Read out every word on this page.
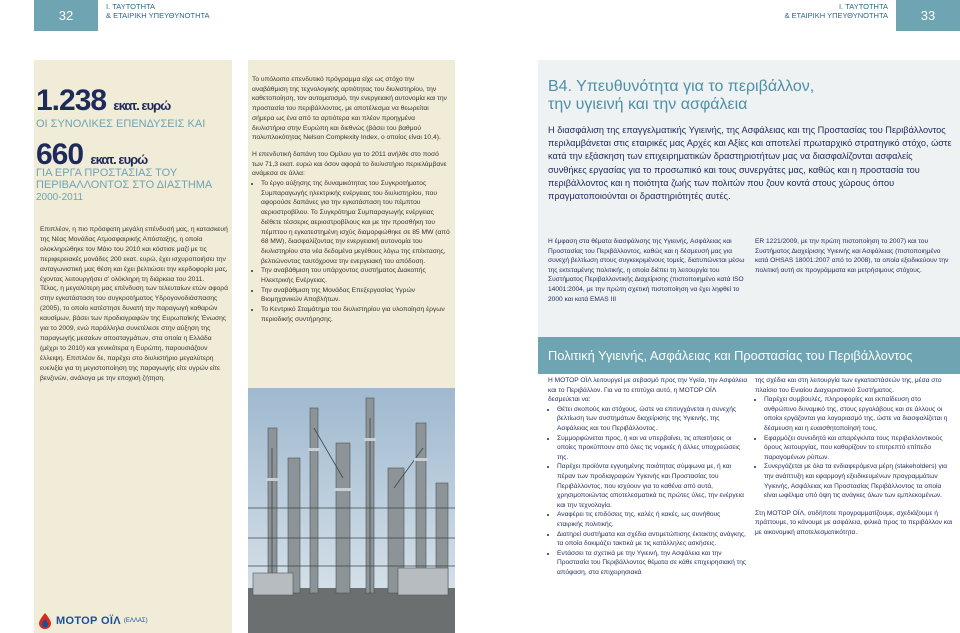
32
I. ΤΑΥΤΟΤΗΤΑ
& ΕΤΑΙΡΙΚΗ ΥΠΕΥΘΥΝΟΤΗΤΑ
I. ΤΑΥΤΟΤΗΤΑ
& ΕΤΑΙΡΙΚΗ ΥΠΕΥΘΥΝΟΤΗΤΑ	33
1.238 εκατ. ευρώ
ΟΙ ΣΥΝΟΛΙΚΕΣ ΕΠΕΝΔΥΣΕΙΣ ΚΑΙ
660 εκατ. ευρώ
ΓΙΑ ΕΡΓΑ ΠΡΟΣΤΑΣΙΑΣ ΤΟΥ
ΠΕΡΙΒΑΛΛΟΝΤΟΣ ΣΤΟ ΔΙΑΣΤΗΜΑ
2000-2011
Επιπλέον, η πιο πρόσφατη μεγάλη επένδυσή μας, η κατασκευή της Νέας Μονάδας Ατμοσφαιρικής Απόσταξης, η οποία ολοκληρώθηκε τον Μάιο του 2010 και κόστισε μαζί με τις περιφερειακές μονάδες 200 εκατ. ευρώ, έχει ισχυροποιήσει την ανταγωνιστική μας θέση και έχει βελτιώσει την κερδοφορία μας, έχοντας λειτουργήσει σ' ολόκληρη τη διάρκεια του 2011.
Τέλος, η μεγαλύτερη μας επένδυση των τελευταίων ετών αφορά στην εγκατάσταση του συγκροτήματος Υδρογονοδιάσπασης (2005), το οποίο κατέστησε δυνατή την παραγωγή καθαρών καυσίμων, βάσει των προδιαγραφών της Ευρωπαϊκής Ένωσης για το 2009, ενώ παράλληλα συνετέλεσε στην αύξηση της παραγωγής μεσαίων αποσταγμάτων, στα οποία η Ελλάδα (μέχρι το 2010) και γενικότερα η Ευρώπη, παρουσιάζουν έλλειψη. Επιπλέον δε, παρέχει στο διυλιστήριο μεγαλύτερη ευελιξία για τη μεγιστοποίηση της παραγωγής είτε υγρών είτε βενζινών, ανάλογα με την εποχική ζήτηση.
Το υπόλοιπο επενδυτικό πρόγραμμα είχε ως στόχο την αναβάθμιση της τεχνολογικής αρτιότητας του διυλιστηρίου, την καθετοποίηση, τον αυτοματισμό, την ενεργειακή αυτονομία και την προστασία του περιβάλλοντος, με αποτέλεσμα να θεωρείται σήμερα ως ένα από τα αρτιότερα και πλέον προηγμένα διυλιστήρια στην Ευρώπη και διεθνώς (βάσει του βαθμού πολυπλοκότητας Nelson Complexity Index, ο οποίος είναι 10,4).
Η επενδυτική δαπάνη του Ομίλου για το 2011 ανήλθε στο ποσό των 71,3 εκατ. ευρώ και όσον αφορά το διυλιστήριο περιελάμβανε ανάμεσα σε άλλα:
• Το έργο αύξησης της δυναμικότητας του Συγκροτήματος Συμπαραγωγής ηλεκτρικής ενέργειας του διυλιστηρίου, που αφορούσε δαπάνες για την εγκατάσταση του πέμπτου αεριοστροβίλου. Το Συγκρότημα Συμπαραγωγής ενέργειας διέθετε τέσσερις αεριοστροβίλους και με την προσθήκη του πέμπτου η εγκατεστημένη ισχύς διαμορφώθηκε σε 85 MW (από 68 MW), διασφαλίζοντας την ενεργειακή αυτονομία του διυλιστηρίου στα νέα δεδομένα μεγέθους λόγω της επέκτασης, βελτιώνοντας ταυτόχρονα την ενεργειακή του απόδοση.
• Την αναβάθμιση του υπάρχοντος συστήματος Διακοπής Ηλεκτρικής Ενέργειας.
• Την αναβάθμιση της Μονάδας Επεξεργασίας Υγρών Βιομηχανικών Αποβλήτων.
• Το Κεντρικό Σταμάτημα του διυλιστηρίου για υλοποίηση έργων περιοδικής συντήρησης.
Β4. Υπευθυνότητα για το περιβάλλον,
την υγιεινή και την ασφάλεια
Η διασφάλιση της επαγγελματικής Υγιεινής, της Ασφάλειας και της Προστασίας του Περιβάλλοντος περιλαμβάνεται στις εταιρικές μας Αρχές και Αξίες και αποτελεί πρωταρχικό στρατηγικό στόχο, ώστε κατά την εξάσκηση των επιχειρηματικών δραστηριοτήτων μας να διασφαλίζονται ασφαλείς συνθήκες εργασίας για το προσωπικό και τους συνεργάτες μας, καθώς και η προστασία του περιβάλλοντος και η ποιότητα ζωής των πολιτών που ζουν κοντά στους χώρους όπου πραγματοποιούνται οι δραστηριότητές αυτές.
Η έμφαση στα θέματα διασφάλισης της Υγιεινής, Ασφάλειας και Προστασίας του Περιβάλλοντος, καθώς και η δέσμευσή μας για συνεχή βελτίωση στους συγκεκριμένους τομείς, διατυπώνεται μέσω της εκτεταμένης πολιτικής, η οποία διέπει τη λειτουργία του Συστήματος Περιβαλλοντικής Διαχείρισης (πιστοποιημένο κατά ISO 14001:2004, με την πρώτη σχετική πιστοποίηση να έχει ληφθεί το 2000 και κατά EMAS III
ER 1221/2009, με την πρώτη πιστοποίηση το 2007) και του Συστήματος Διαχείρισης Υγιεινής και Ασφάλειας (πιστοποιημένο κατά OHSAS 18001:2007 από το 2008), τα οποία εξειδικεύουν την πολιτική αυτή σε προγράμματα και μετρήσιμους στόχους.
Πολιτική Υγιεινής, Ασφάλειας και Προστασίας του Περιβάλλοντος
Η ΜΟΤΟΡ ΟΪΛ λειτουργεί με σεβασμό προς την Υγεία, την Ασφάλεια και το Περιβάλλον. Για να το επιτύχει αυτό, η ΜΟΤΟΡ ΟΪΛ δεσμεύεται να:
• Θέτει σκοπούς και στόχους, ώστε να επιτυγχάνεται η συνεχής βελτίωση των συστημάτων διαχείρισης της Υγιεινής, της Ασφάλειας και του Περιβάλλοντος.
• Συμμορφώνεται προς, ή και να υπερβαίνει, τις απαιτήσεις οι οποίες προκύπτουν από όλες τις νομικές ή άλλες υποχρεώσεις της.
• Παρέχει προϊόντα εγγυημένης ποιότητας σύμφωνα με, ή και πέραν των προδιαγραφών Υγιεινής και Προστασίας του Περιβάλλοντος, που ισχύουν για το καθένα από αυτά, χρησιμοποιώντας αποτελεσματικά τις πρώτες ύλες, την ενέργεια και την τεχνολογία.
• Αναφέρει τις επιδόσεις της, καλές ή κακές, ως συνήθους εταιρικής πολιτικής.
• Διατηρεί συστήματα και σχέδια αντιμετώπισης έκτακτης ανάγκης, τα οποία δοκιμάζει τακτικά με τις κατάλληλες ασκήσεις.
• Εντάσσει τα σχετικά με την Υγιεινή, την Ασφάλεια και την Προστασία του Περιβάλλοντος θέματα σε κάθε επιχειρησιακή της απόφαση, στα επιχειρησιακά
της σχέδια και στη λειτουργία των εγκαταστάσεών της, μέσα στο πλαίσιο του Ενιαίου Διαχειριστικού Συστήματος.
• Παρέχει συμβουλές, πληροφορίες και εκπαίδευση στο ανθρώπινο δυναμικό της, στους εργολάβους και σε άλλους οι οποίοι εργάζονται για λογαριασμό της, ώστε να διασφαλίζεται η δέσμευση και η ευαισθητοποίησή τους.
• Εφαρμόζει συνειδητά και απαρέγκλιτα τους περιβαλλοντικούς όρους λειτουργίας, που καθορίζουν το επιτρεπτό επίπεδο παραγομένων ρύπων.
• Συνεργάζεται με όλα τα ενδιαφερόμενα μέρη (stakeholders) για την ανάπτυξη και εφαρμογή εξειδικευμένων προγραμμάτων Υγιεινής, Ασφάλειας και Προστασίας Περιβάλλοντος τα οποία είναι ωφέλιμα υπό όψη τις ανάγκες όλων των εμπλεκομένων.
Στη ΜΟΤΟΡ ΟΪΛ, οτιδήποτε προγραμματίζουμε, σχεδιάζουμε ή πράττουμε, το κάνουμε με ασφάλεια, φιλικά προς το περιβάλλον και με οικονομική αποτελεσματικότητα.
ΜΟΤΟΡ ΟΪΛ (ΕΛΛΑΣ)
